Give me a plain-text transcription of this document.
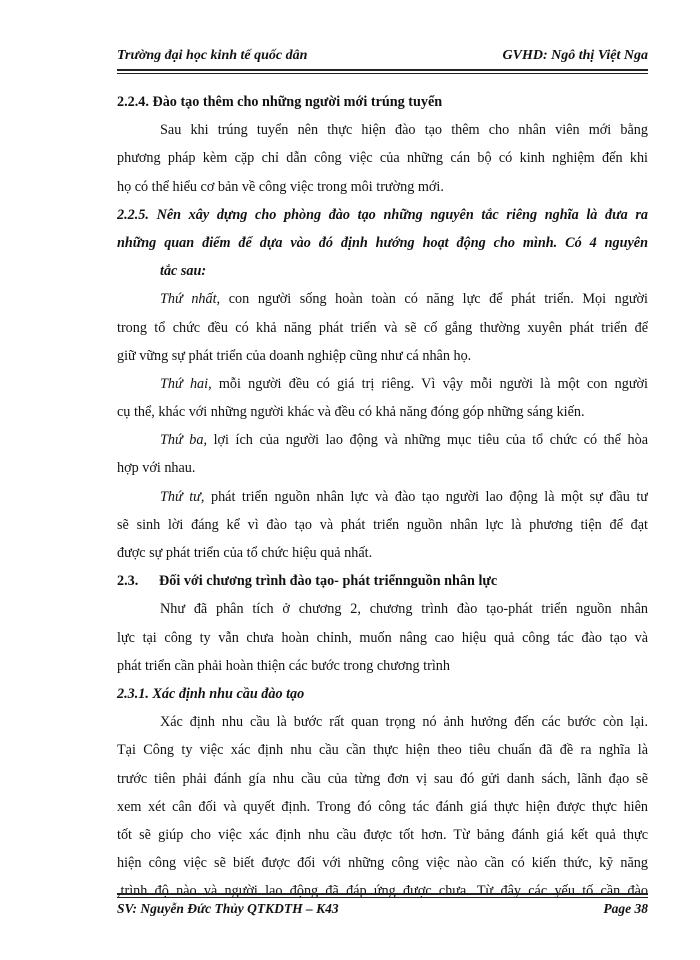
Trường đại học kinh tế quốc dân	GVHD: Ngô thị Việt Nga
2.2.4. Đào tạo thêm cho những người mới trúng tuyển
Sau khi trúng tuyển nên thực hiện đào tạo thêm cho nhân viên mới bằng
phương pháp kèm cặp chỉ dẫn công việc của những cán bộ có kinh nghiệm đến khi
họ có thể hiểu cơ bản về công việc trong môi trường mới.
2.2.5. Nên xây dựng cho phòng đào tạo những nguyên tắc riêng nghĩa là đưa ra
những quan điểm để dựa vào đó định hướng hoạt động cho mình. Có 4 nguyên
tắc sau:
Thứ nhất, con người sống hoàn toàn có năng lực để phát triển. Mọi người
trong tổ chức đều có khả năng phát triển và sẽ cố gắng thường xuyên phát triển để
giữ vững sự phát triển của doanh nghiệp cũng như cá nhân họ.
Thứ hai, mỗi người đều có giá trị riêng. Vì vậy mỗi người là một con người
cụ thể, khác với những người khác và đều có khả năng đóng góp những sáng kiến.
Thứ ba, lợi ích của người lao động và những mục tiêu của tổ chức có thể hòa
hợp với nhau.
Thứ tư, phát triển nguồn nhân lực và đào tạo người lao động là một sự đầu tư
sẽ sinh lời đáng kể vì đào tạo và phát triển nguồn nhân lực là phương tiện để đạt
được sự phát triển của tổ chức hiệu quả nhất.
2.3. Đối với chương trình đào tạo- phát triểnnguồn nhân lực
Như đã phân tích ở chương 2, chương trình đào tạo-phát triển nguồn nhân
lực tại công ty vẫn chưa hoàn chỉnh, muốn nâng cao hiệu quả công tác đào tạo và
phát triển cần phải hoàn thiện các bước trong chương trình
2.3.1. Xác định nhu cầu đào tạo
Xác định nhu cầu là bước rất quan trọng nó ảnh hưởng đến các bước còn lại.
Tại Công ty việc xác định nhu cầu cần thực hiện theo tiêu chuẩn đã đề ra nghĩa là
trước tiên phải đánh gía nhu cầu của từng đơn vị sau đó gửi danh sách, lãnh đạo sẽ
xem xét cân đối và quyết định. Trong đó công tác đánh giá thực hiện được thực hiên
tốt sẽ giúp cho việc xác định nhu cầu được tốt hơn. Từ bảng đánh giá kết quả thực
hiện công việc sẽ biết được đối với những công việc nào cần có kiến thức, kỹ năng
,trình độ nào và người lao động đã đáp ứng được chưa. Từ đây các yếu tố cần đào
SV: Nguyễn Đức Thủy QTKDTH – K43	Page 38
